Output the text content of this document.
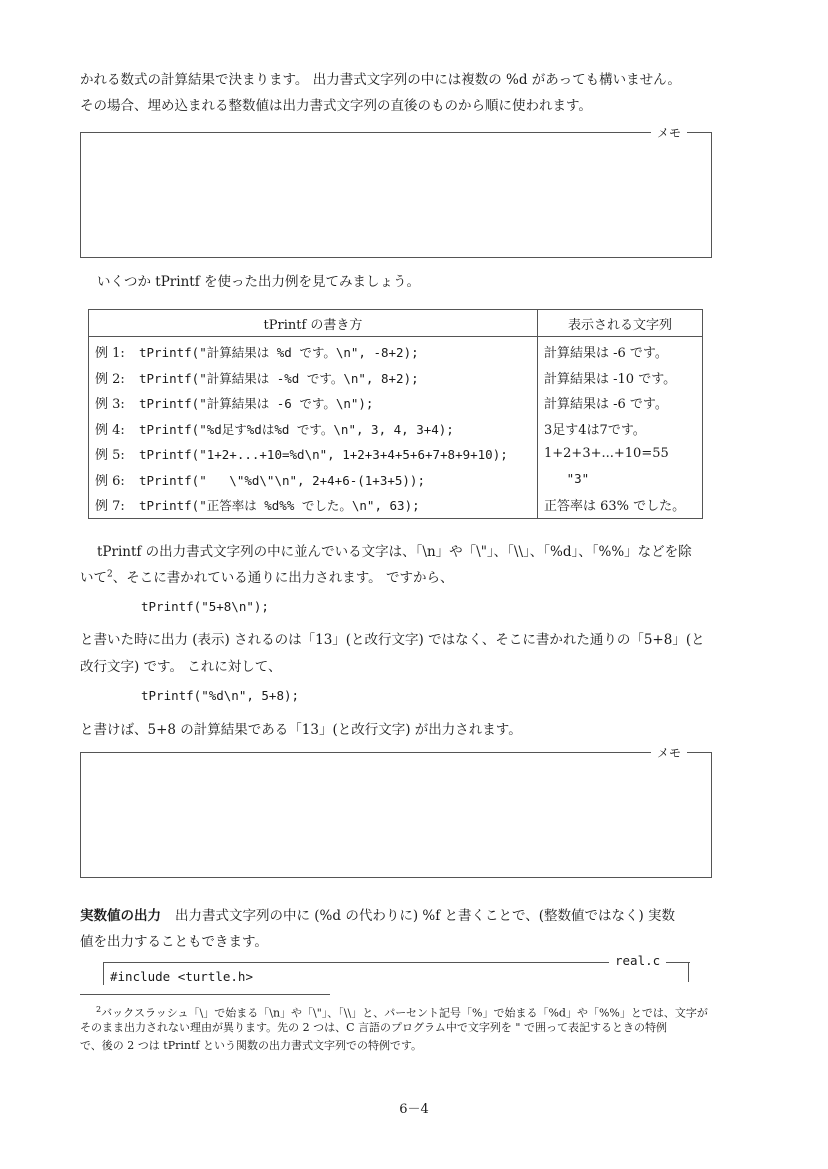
かれる数式の計算結果で決まります。 出力書式文字列の中には複数の %d があっても構いません。
その場合、埋め込まれる整数値は出力書式文字列の直後のものから順に使われます。
メモ
いくつか tPrintf を使った出力例を見てみましょう。
tPrintf の書き方	表示される文字列
例 1: tPrintf("計算結果は %d です。\n", -8+2);	計算結果は -6 です。
例 2: tPrintf("計算結果は -%d です。\n", 8+2);	計算結果は -10 です。
例 3: tPrintf("計算結果は -6 です。\n");	計算結果は -6 です。
例 4: tPrintf("%d足す%dは%d です。\n", 3, 4, 3+4);	3足す4は7です。
例 5: tPrintf("1+2+...+10=%d\n", 1+2+3+4+5+6+7+8+9+10);	1+2+3+...+10=55
例 6: tPrintf("   \"%d\"\n", 2+4+6-(1+3+5));	"3"
例 7: tPrintf("正答率は %d%% でした。\n", 63);	正答率は 63% でした。
tPrintf の出力書式文字列の中に並んでいる文字は、「\n」や「\"」、「\\」、「%d」、「%%」などを除
いて$^2$、そこに書かれている通りに出力されます。 ですから、
tPrintf("5+8\n");
と書いた時に出力 (表示) されるのは「13」(と改行文字) ではなく、そこに書かれた通りの「5+8」(と
改行文字) です。 これに対して、
tPrintf("%d\n", 5+8);
と書けば、5+8 の計算結果である「13」(と改行文字) が出力されます。
メモ
実数値の出力 出力書式文字列の中に (%d の代わりに) %f と書くことで、(整数値ではなく) 実数
値を出力することもできます。
real.c
#include <turtle.h>
$^2$バックスラッシュ「\」で始まる「\n」や「\"」、「\\」と、パーセント記号「%」で始まる「%d」や「%%」とでは、文字が
そのまま出力されない理由が異ります。先の 2 つは、C 言語のプログラム中で文字列を " で囲って表記するときの特例
で、後の 2 つは tPrintf という関数の出力書式文字列での特例です。
6－4
